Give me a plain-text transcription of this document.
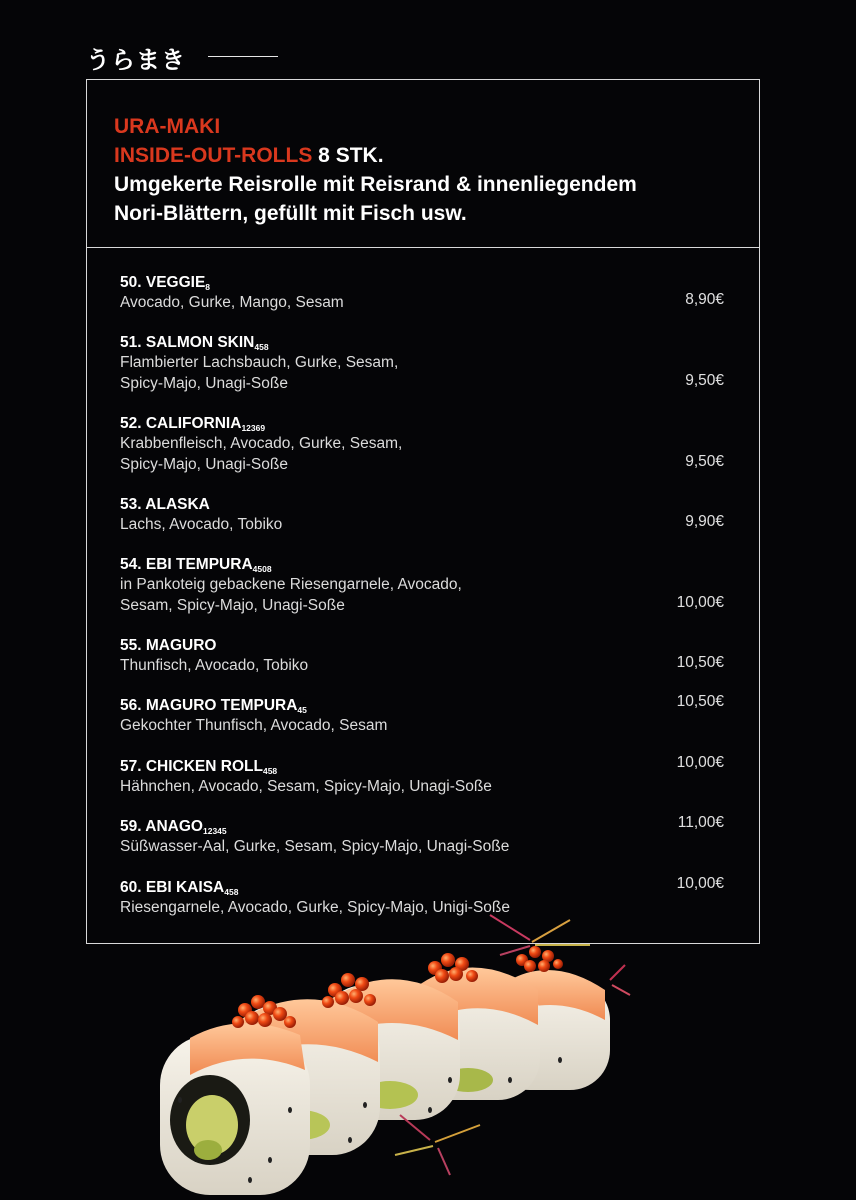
うらまき
URA-MAKI
INSIDE-OUT-ROLLS 8 STK.
Umgekerte Reisrolle mit Reisrand & innenliegendem
Nori-Blättern, gefüllt mit Fisch usw.
50. $VEGGIE_8$
Avocado, Gurke, Mango, Sesam	8,90€
51. SALMON $SKIN_{458}$
Flambierter Lachsbauch, Gurke, Sesam,
Spicy-Majo, Unagi-Soße	9,50€
52. $CALIFORNIA_{12369}$
Krabbenfleisch, Avocado, Gurke, Sesam,
Spicy-Majo, Unagi-Soße	9,50€
53. ALASKA
Lachs, Avocado, Tobiko	9,90€
54. EBI $TEMPURA_{4508}$
in Pankoteig gebackene Riesengarnele, Avocado,
Sesam, Spicy-Majo, Unagi-Soße	10,00€
55. MAGURO
Thunfisch, Avocado, Tobiko	10,50€
56. MAGURO $TEMPURA_{45}$
Gekochter Thunfisch, Avocado, Sesam
10,50€
57. CHICKEN $ROLL_{458}$
Hähnchen, Avocado, Sesam, Spicy-Majo, Unagi-Soße
10,00€
59. $ANAGO_{12345}$
Süßwasser-Aal, Gurke, Sesam, Spicy-Majo, Unagi-Soße
11,00€
60. EBI $KAISA_{458}$
Riesengarnele, Avocado, Gurke, Spicy-Majo, Unigi-Soße
10,00€
